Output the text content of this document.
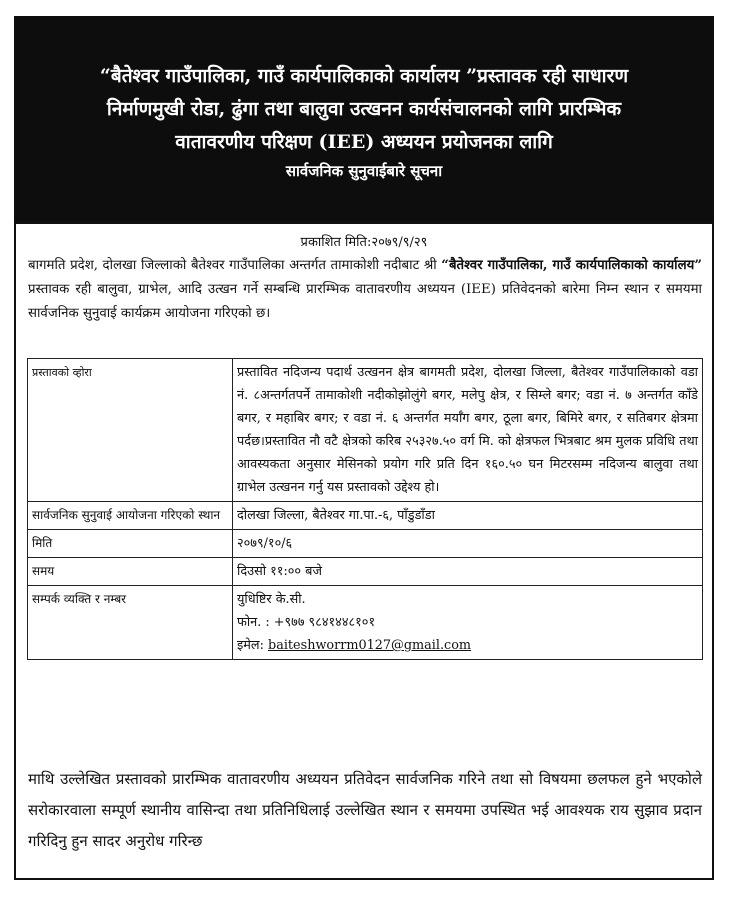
“बैतेश्वर गाउँपालिका, गाउँ कार्यपालिकाको कार्यालय ”प्रस्तावक रही साधारण
निर्माणमुखी रोडा, ढुंगा तथा बालुवा उत्खनन कार्यसंचालनको लागि प्रारम्भिक
वातावरणीय परिक्षण (IEE) अध्ययन प्रयोजनका लागि
सार्वजनिक सुनुवाईबारे सूचना
प्रकाशित मिति:२०७९/९/२९
बागमति प्रदेश, दोलखा जिल्लाको बैतेश्वर गाउँपालिका अन्तर्गत तामाकोशी नदीबाट श्री “बैतेश्वर गाउँपालिका, गाउँ कार्यपालिकाको कार्यालय” प्रस्तावक रही बालुवा, ग्राभेल, आदि उत्खन गर्ने सम्बन्धि प्रारम्भिक वातावरणीय अध्ययन (IEE) प्रतिवेदनको बारेमा निम्न स्थान र समयमा सार्वजनिक सुनुवाई कार्यक्रम आयोजना गरिएको छ।
प्रस्तावको व्होरा	प्रस्तावित नदिजन्य पदार्थ उत्खनन क्षेत्र बागमती प्रदेश, दोलखा जिल्ला, बैतेश्वर गाउँपालिकाको वडा नं. ८अन्तर्गतपर्ने तामाकोशी नदीकोझोलुंगे बगर, मलेपु क्षेत्र, र सिम्ले बगर; वडा नं. ७ अन्तर्गत काँडे बगर, र महाबिर बगर; र वडा नं. ६ अन्तर्गत मर्याँग बगर, ठूला बगर, बिमिरे बगर, र सतिबगर क्षेत्रमा पर्दछ।प्रस्तावित नौ वटै क्षेत्रको करिब २५३२७.५० वर्ग मि. को क्षेत्रफल भित्रबाट श्रम मुलक प्रविधि तथा आवस्यकता अनुसार मेसिनको प्रयोग गरि प्रति दिन १६०.५० घन मिटरसम्म नदिजन्य बालुवा तथा ग्राभेल उत्खनन गर्नु यस प्रस्तावको उद्देश्य हो।
सार्वजनिक सुनुवाई आयोजना गरिएको स्थान	दोलखा जिल्ला, बैतेश्वर गा.पा.-६, पाँडुडाँडा
मिति	२०७९/१०/६
समय	दिउसो ११:०० बजे
सम्पर्क व्यक्ति र नम्बर	युधिष्टिर के.सी.
फोन. : +९७७ ९८४१४४८१०१
इमेल: baiteshworrm0127@gmail.com
माथि उल्लेखित प्रस्तावको प्रारम्भिक वातावरणीय अध्ययन प्रतिवेदन सार्वजनिक गरिने तथा सो विषयमा छलफल हुने भएकोले सरोकारवाला सम्पूर्ण स्थानीय वासिन्दा तथा प्रतिनिधिलाई उल्लेखित स्थान र समयमा उपस्थित भई आवश्यक राय सुझाव प्रदान गरिदिनु हुन सादर अनुरोध गरिन्छ
